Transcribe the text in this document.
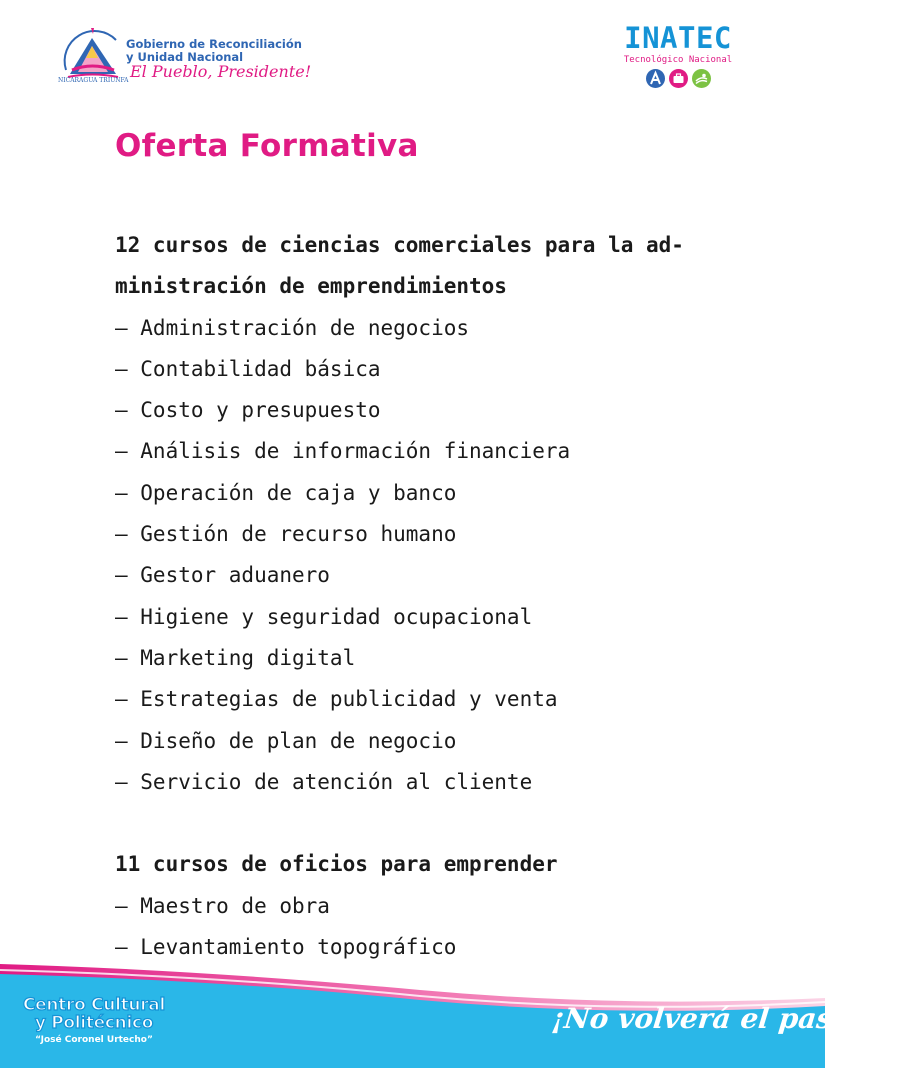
Gobierno de Reconciliación
y Unidad Nacional
El Pueblo, Presidente!
NICARAGUA TRIUNFA
INATEC
Tecnológico Nacional
Oferta Formativa
12 cursos de ciencias comerciales para la ad-
ministración de emprendimientos
— Administración de negocios
— Contabilidad básica
— Costo y presupuesto
— Análisis de información financiera
— Operación de caja y banco
— Gestión de recurso humano
— Gestor aduanero
— Higiene y seguridad ocupacional
— Marketing digital
— Estrategias de publicidad y venta
— Diseño de plan de negocio
— Servicio de atención al cliente
11 cursos de oficios para emprender
— Maestro de obra
— Levantamiento topográfico
Centro Cultural
y Politécnico
“José Coronel Urtecho”
¡No volverá el pasado!
